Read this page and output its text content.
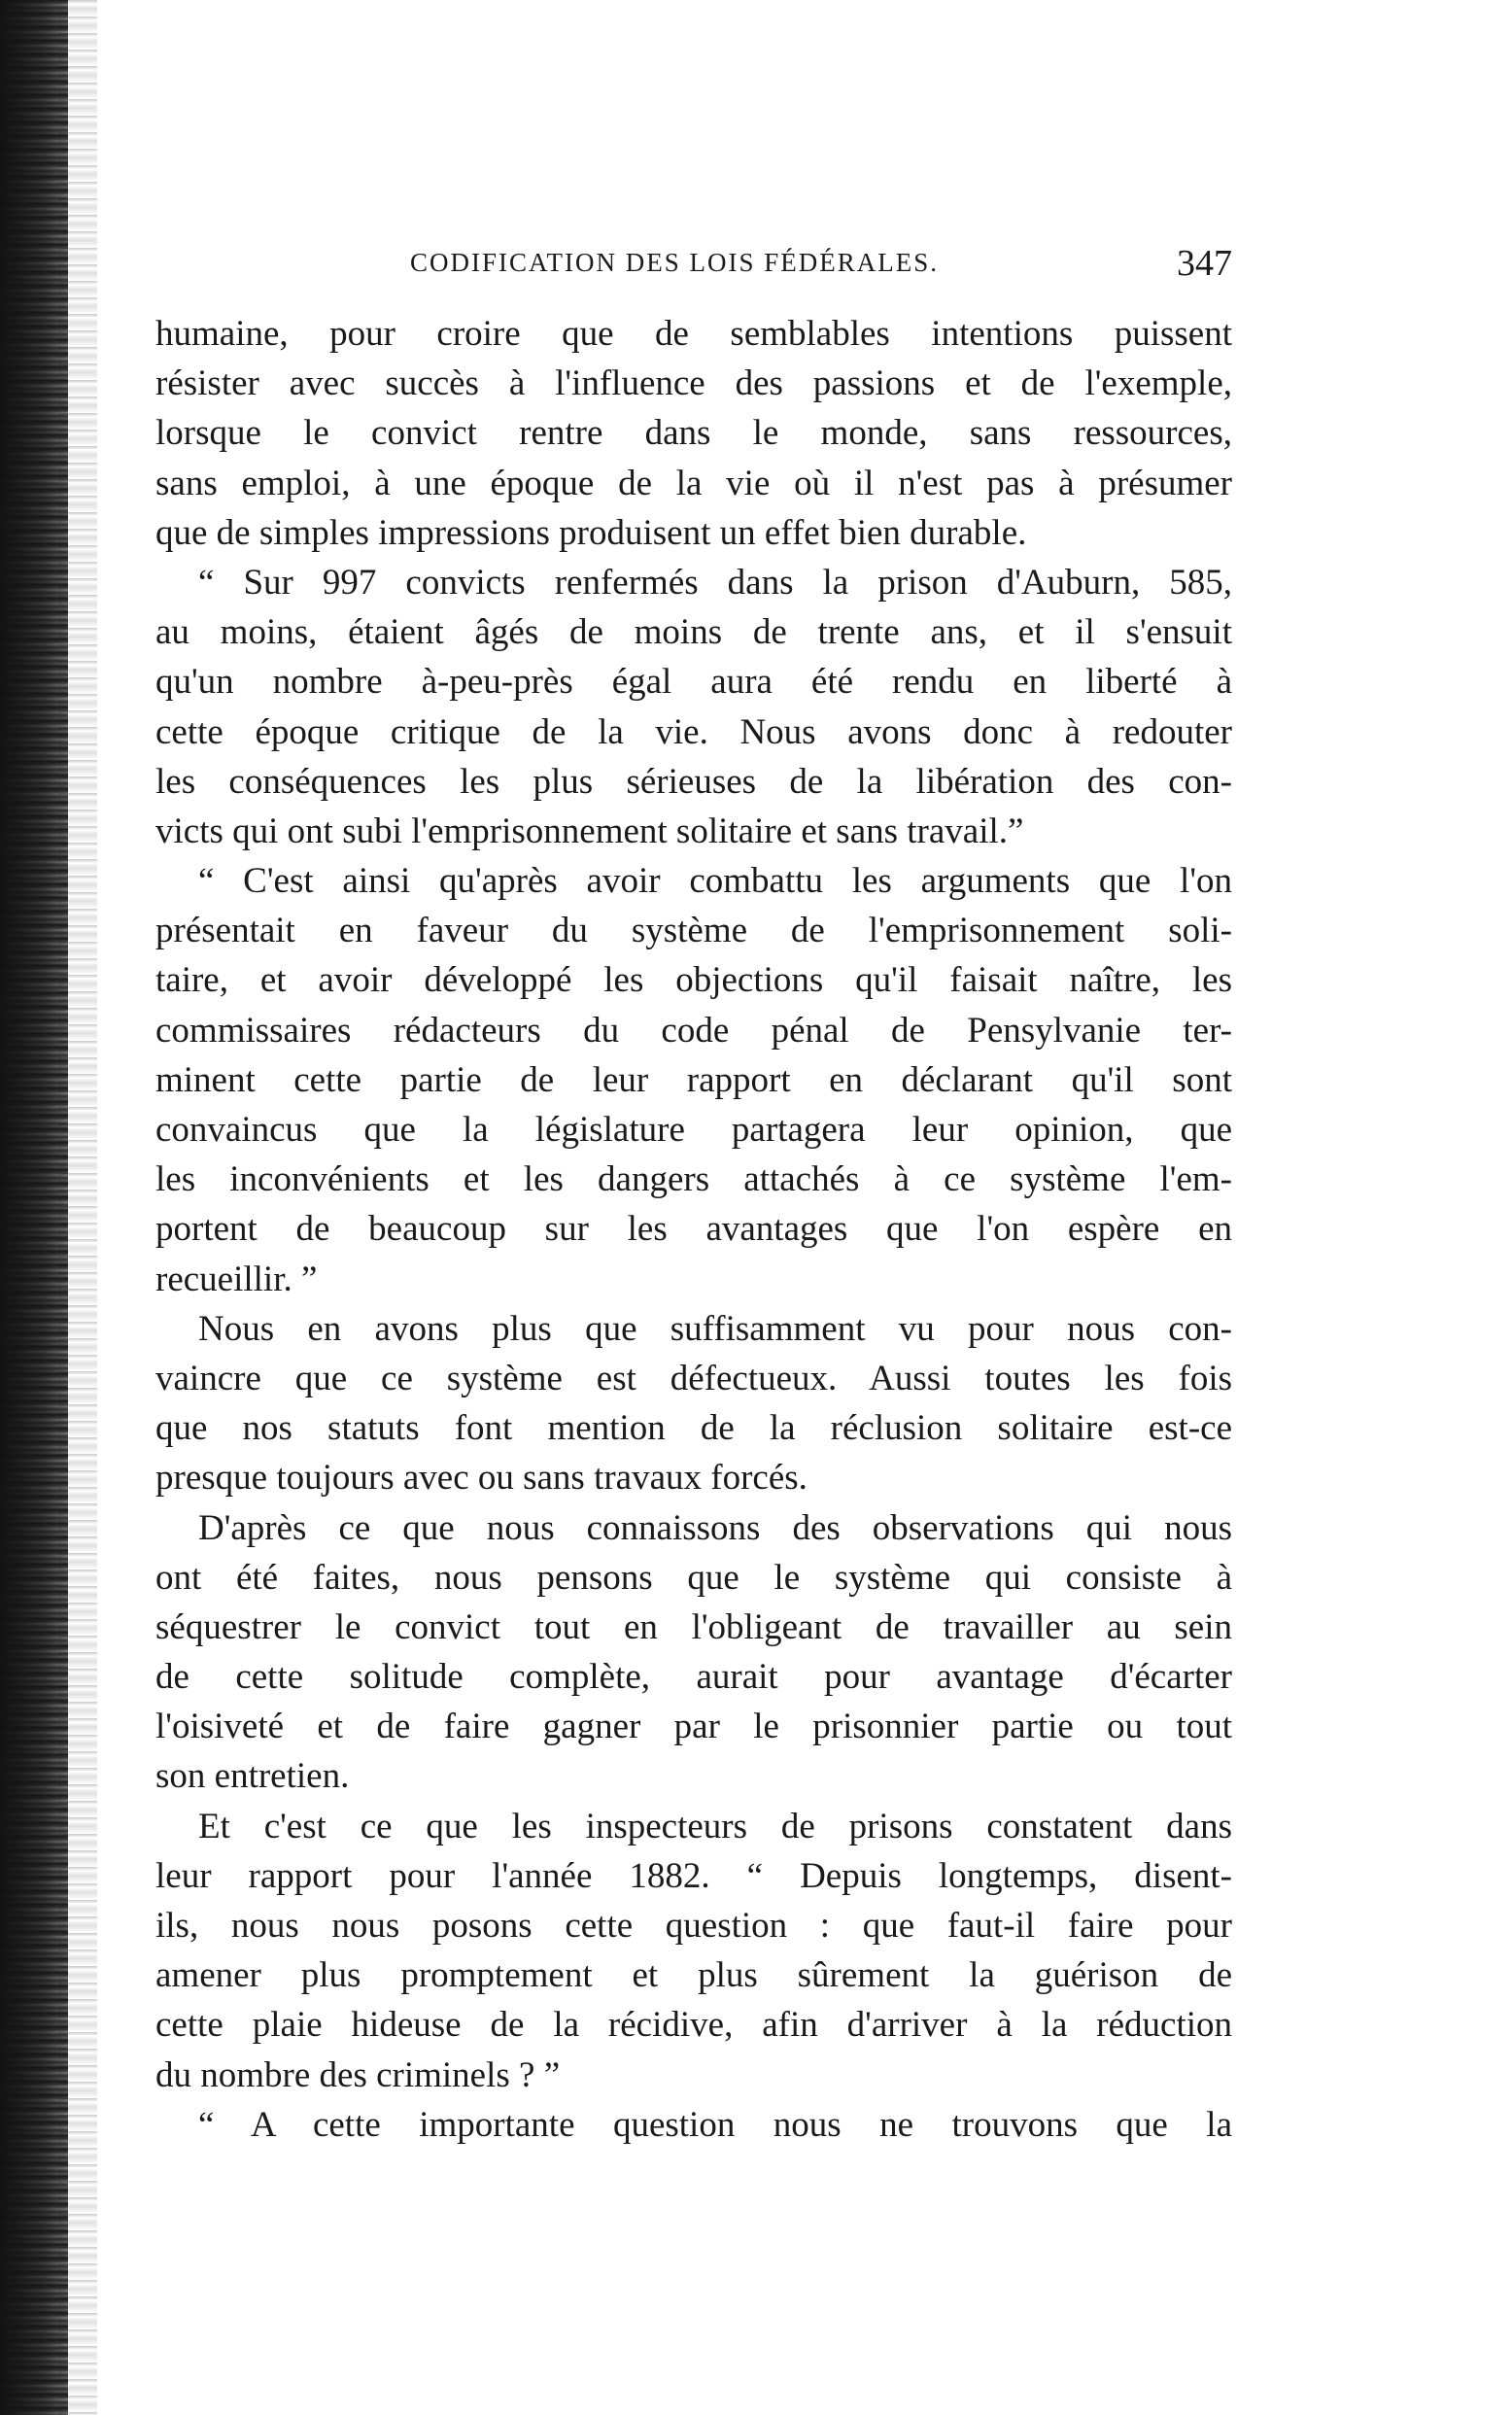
CODIFICATION DES LOIS FÉDÉRALES.	347
humaine, pour croire que de semblables intentions puissent
résister avec succès à l'influence des passions et de l'exemple,
lorsque le convict rentre dans le monde, sans ressources,
sans emploi, à une époque de la vie où il n'est pas à présumer
que de simples impressions produisent un effet bien durable.
“ Sur 997 convicts renfermés dans la prison d'Auburn, 585,
au moins, étaient âgés de moins de trente ans, et il s'ensuit
qu'un nombre à-peu-près égal aura été rendu en liberté à
cette époque critique de la vie. Nous avons donc à redouter
les conséquences les plus sérieuses de la libération des con-
victs qui ont subi l'emprisonnement solitaire et sans travail.”
“ C'est ainsi qu'après avoir combattu les arguments que l'on
présentait en faveur du système de l'emprisonnement soli-
taire, et avoir développé les objections qu'il faisait naître, les
commissaires rédacteurs du code pénal de Pensylvanie ter-
minent cette partie de leur rapport en déclarant qu'il sont
convaincus que la législature partagera leur opinion, que
les inconvénients et les dangers attachés à ce système l'em-
portent de beaucoup sur les avantages que l'on espère en
recueillir. ”
Nous en avons plus que suffisamment vu pour nous con-
vaincre que ce système est défectueux. Aussi toutes les fois
que nos statuts font mention de la réclusion solitaire est-ce
presque toujours avec ou sans travaux forcés.
D'après ce que nous connaissons des observations qui nous
ont été faites, nous pensons que le système qui consiste à
séquestrer le convict tout en l'obligeant de travailler au sein
de cette solitude complète, aurait pour avantage d'écarter
l'oisiveté et de faire gagner par le prisonnier partie ou tout
son entretien.
Et c'est ce que les inspecteurs de prisons constatent dans
leur rapport pour l'année 1882. “ Depuis longtemps, disent-
ils, nous nous posons cette question : que faut-il faire pour
amener plus promptement et plus sûrement la guérison de
cette plaie hideuse de la récidive, afin d'arriver à la réduction
du nombre des criminels ? ”
“ A cette importante question nous ne trouvons que la
